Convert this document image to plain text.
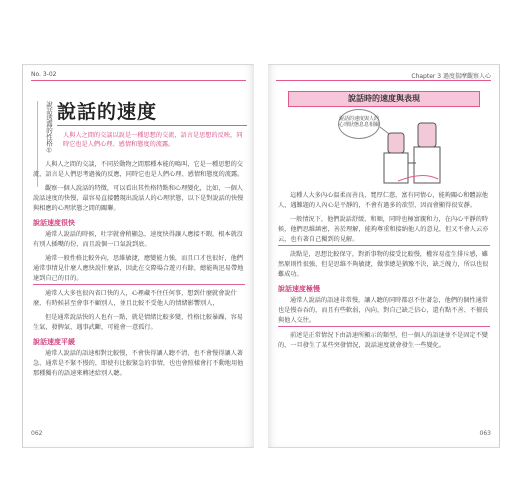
No. 3-02
說話透露的性格① 說話的速度
人與人之間的交談以說是一種思想的交流，語言是思想的反映，同時它也是人們心理、感情和態度的流露。

人與人之間的交談，不同於動物之間那種本能的鳴叫，它是一種思想的交流，語言是人們思考過後的反應，同時它也是人們心理、感情和態度的流露。

觀察一個人說話的特徵，可以看出其性格特點和心理變化，比如，一個人說話速度的快慢，最容易直接體現出說話人的心理狀態，以下是對說話的快慢與相應的心理狀態之間的關聯。

說話速度很快

通常人說話的時候，吐字就會稍顯急，速度快得讓人應接不暇，根本就沒有別人插嘴的份，而且說個一口氣說到底。

通常一般性格比較外向，思維敏捷，應變能力強，而且口才也很好，他們通常事情見什麼人應快說什麼話，因此在交際場合遊刃有餘，總能夠迅易帶地達到自己的目的。

通常人大多也很內省口快的人，心裡藏不住任何事，想到什麼就會說什麼，有時候甚至會事不顧別人，並且比較不受他人的情緒影響別人，

但是通常說話快的人也有一點，就是情緒比較多變，性格比較暴躁，容易生氣，發脾氣，遇事武斷，可能會一意孤行。

說話速度平緩

通常人說話的語速相對比較慢，不會快得讓人聽不清，也不會慢得讓人著急，通常是不緊不慢的，即使有比較緊急的事情，也也會照樣會打不動地用他那種獨有的語速來轉述給別人聽。

062
Chapter 3 過度揣摩觀察人心
說話時的速度與表現
說話的速度與人的心理狀態息息相關

這種人大多內心溫柔而善良，寬厚仁慈，富有同情心，能夠關心和體諒他人，遇難題的人內心是平靜的，不會有過多的欲望，因而會顯得很安靜。

一般情況下，他們說話舒緩、和順，同時也極富親和力，在內心平靜的時候，他們思維縝密，善於理解，能夠尊重和接納他人的意見，但又不會人云亦云，也有著自己獨到的見解。

訣點是，思想比較保守，對新事物的接受比較慢，權容易產生排斥感，雖然原則性很強，但是思維不夠敏捷，做事總是猶豫不決，缺乏魄力，所以也很難成功。

說話速度極慢

通常人說話的語速非常慢，讓人聽的同時都忍不住著急，他們的個性通常也是慢吞吞的，而且有些軟弱，內向，對自己缺乏信心，還有點不善、不擅長與他人交往。

前述是正常情況下由語速所顯示的類型，但一個人的語速並不是固定不變的，一旦發生了某些突發情況，說話速度就會發生一些變化。

063
